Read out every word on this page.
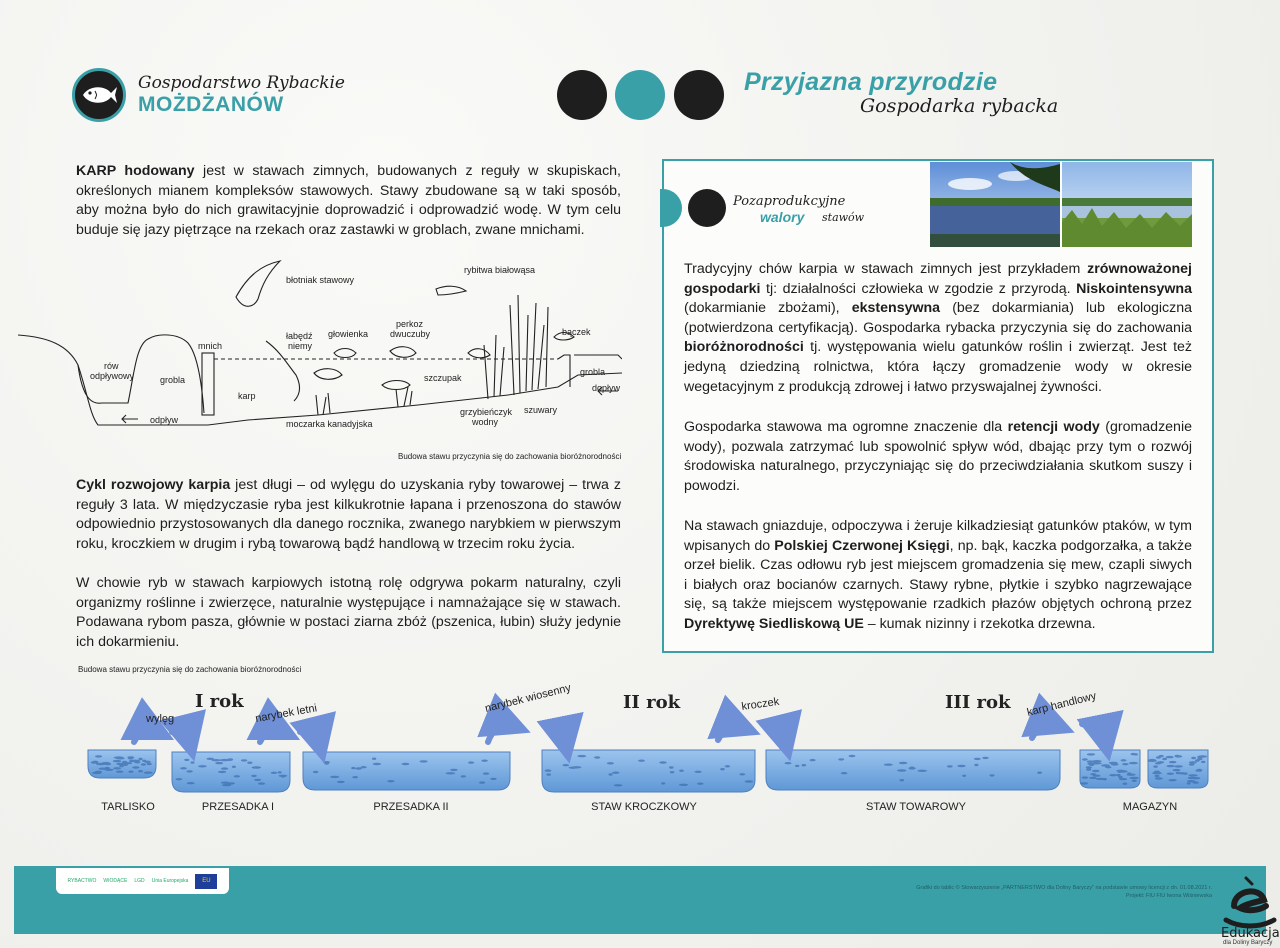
Gospodarstwo Rybackie
MOŻDŻANÓW
Przyjazna przyrodzie
Gospodarka rybacka

KARP hodowany jest w stawach zimnych, budowanych z reguły w skupiskach, określonych mianem kompleksów stawowych. Stawy zbudowane są w taki sposób, aby można było do nich grawitacyjnie doprowadzić i odprowadzić wodę. W tym celu buduje się jazy piętrzące na rzekach oraz zastawki w groblach, zwane mnichami.

błotniak stawowy
rybitwa białowąsa
mnich
łabędź
niemy
głowienka
perkoz
dwuczuby	bączek
rów
odpływowy	grobla
grobla
dopływ
karp
szczupak
grzybieńczyk
wodny
szuwary
odpływ	moczarka kanadyjska
Budowa stawu przyczynia się do zachowania bioróżnorodności

Cykl rozwojowy karpia jest długi – od wylęgu do uzyskania ryby towarowej – trwa z reguły 3 lata. W międzyczasie ryba jest kilkukrotnie łapana i przenoszona do stawów odpowiednio przystosowanych dla danego rocznika, zwanego narybkiem w pierwszym roku, kroczkiem w drugim i rybą towarową bądź handlową w trzecim roku życia.

W chowie ryb w stawach karpiowych istotną rolę odgrywa pokarm naturalny, czyli organizmy roślinne i zwierzęce, naturalnie występujące i namnażające się w stawach. Podawana rybom pasza, głównie w postaci ziarna zbóż (pszenica, łubin) służy jedynie ich dokarmieniu.

Pozaprodukcyjne
walory stawów

Tradycyjny chów karpia w stawach zimnych jest przykładem zrównoważonej gospodarki tj: działalności człowieka w zgodzie z przyrodą. Niskointensywna (dokarmianie zbożami), ekstensywna (bez dokarmiania) lub ekologiczna (potwierdzona certyfikacją). Gospodarka rybacka przyczynia się do zachowania bioróżnorodności tj. występowania wielu gatunków roślin i zwierząt. Jest też jedyną dziedziną rolnictwa, która łączy gromadzenie wody w okresie wegetacyjnym z produkcją zdrowej i łatwo przyswajalnej żywności.

Gospodarka stawowa ma ogromne znaczenie dla retencji wody (gromadzenie wody), pozwala zatrzymać lub spowolnić spływ wód, dbając przy tym o rozwój środowiska naturalnego, przyczyniając się do przeciwdziałania skutkom suszy i powodzi.

Na stawach gniazduje, odpoczywa i żeruje kilkadziesiąt gatunków ptaków, w tym wpisanych do Polskiej Czerwonej Księgi, np. bąk, kaczka podgorzałka, a także orzeł bielik. Czas odłowu ryb jest miejscem gromadzenia się mew, czapli siwych i białych oraz bocianów czarnych. Stawy rybne, płytkie i szybko nagrzewające się, są także miejscem występowanie rzadkich płazów objętych ochroną przez Dyrektywę Siedliskową UE – kumak nizinny i rzekotka drzewna.

Budowa stawu przyczynia się do zachowania bioróżnorodności
I rok	II rok	III rok
wylęg	narybek letni	narybek wiosenny	kroczek	karp handlowy
TARLISKO	PRZESADKA I	PRZESADKA II	STAW KROCZKOWY	STAW TOWAROWY	MAGAZYN
RYBACTWO WIODĄCE LGD Unia Europejska	EU
Grafiki do tablic © Stowarzyszenie „PARTNERSTWO dla Doliny Baryczy” na podstawie umowy licencji z dn. 01.08.2021 r.
Projekt: FIU FIU Iwona Wiśniewska
Edukacja
dla Doliny Baryczy
